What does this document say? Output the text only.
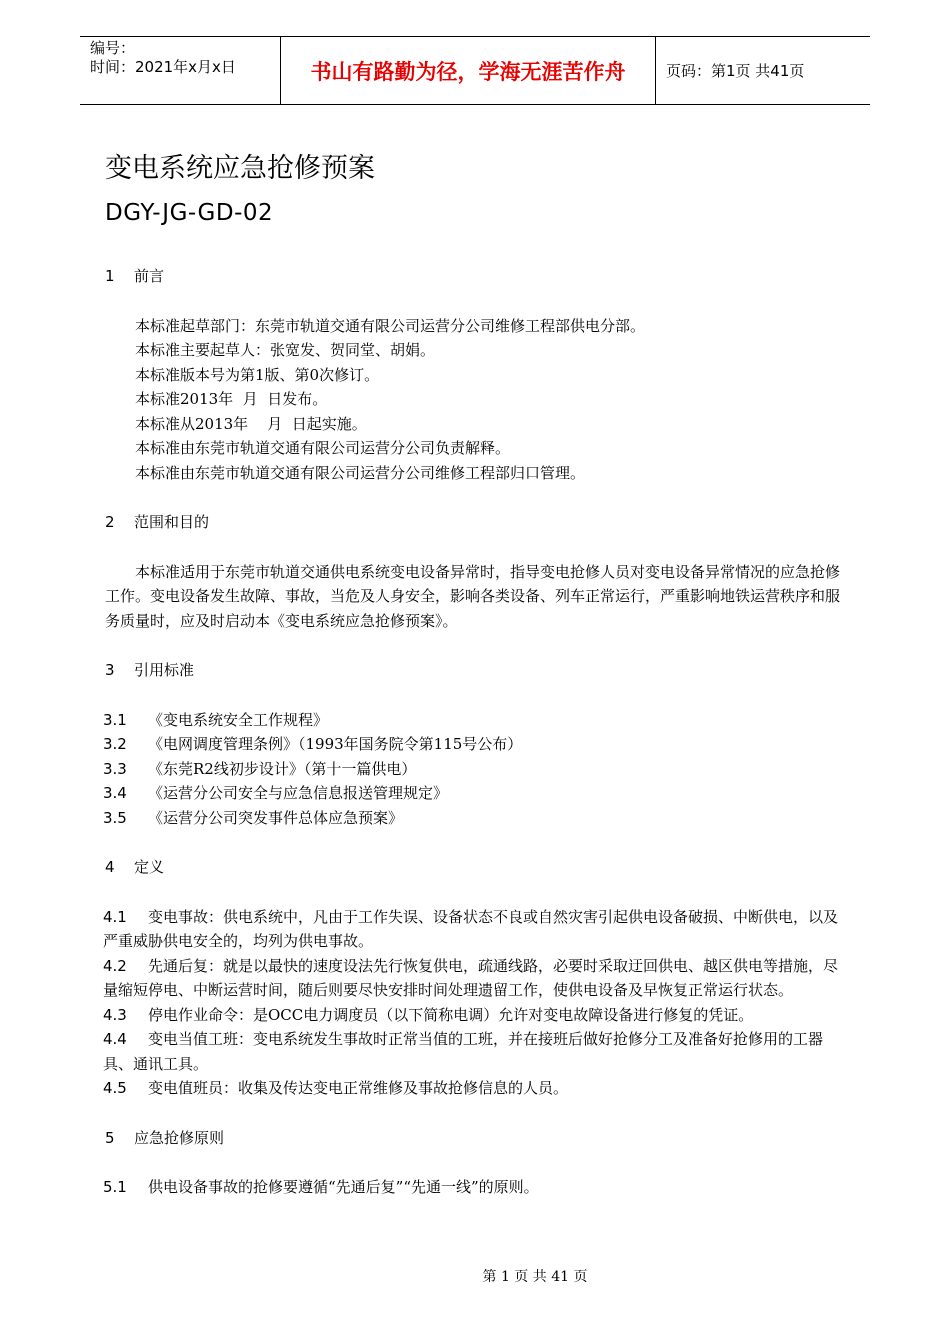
编号：
时间：2021年x月x日	书山有路勤为径，学海无涯苦作舟	页码：第1页 共41页
变电系统应急抢修预案
DGY-JG-GD-02

1 前言

本标准起草部门：东莞市轨道交通有限公司运营分公司维修工程部供电分部。

本标准主要起草人：张宽发、贺同堂、胡娟。

本标准版本号为第1版、第0次修订。

本标准2013年  月  日发布。

本标准从2013年    月  日起实施。

本标准由东莞市轨道交通有限公司运营分公司负责解释。

本标准由东莞市轨道交通有限公司运营分公司维修工程部归口管理。

2 范围和目的

本标准适用于东莞市轨道交通供电系统变电设备异常时，指导变电抢修人员对变电设备异常情况的应急抢修工作。变电设备发生故障、事故，当危及人身安全，影响各类设备、列车正常运行，严重影响地铁运营秩序和服务质量时，应及时启动本《变电系统应急抢修预案》。

3 引用标准

3.1 《变电系统安全工作规程》

3.2 《电网调度管理条例》（1993年国务院令第115号公布）

3.3 《东莞R2线初步设计》（第十一篇供电）

3.4 《运营分公司安全与应急信息报送管理规定》

3.5 《运营分公司突发事件总体应急预案》

4 定义

4.1 变电事故：供电系统中，凡由于工作失误、设备状态不良或自然灾害引起供电设备破损、中断供电，以及严重威胁供电安全的，均列为供电事故。

4.2 先通后复：就是以最快的速度设法先行恢复供电，疏通线路，必要时采取迂回供电、越区供电等措施，尽量缩短停电、中断运营时间，随后则要尽快安排时间处理遗留工作，使供电设备及早恢复正常运行状态。

4.3 停电作业命令：是OCC电力调度员（以下简称电调）允许对变电故障设备进行修复的凭证。

4.4 变电当值工班：变电系统发生事故时正常当值的工班，并在接班后做好抢修分工及准备好抢修用的工器具、通讯工具。

4.5 变电值班员：收集及传达变电正常维修及事故抢修信息的人员。

5 应急抢修原则

5.1 供电设备事故的抢修要遵循“先通后复”“先通一线”的原则。

第 1 页 共 41 页
